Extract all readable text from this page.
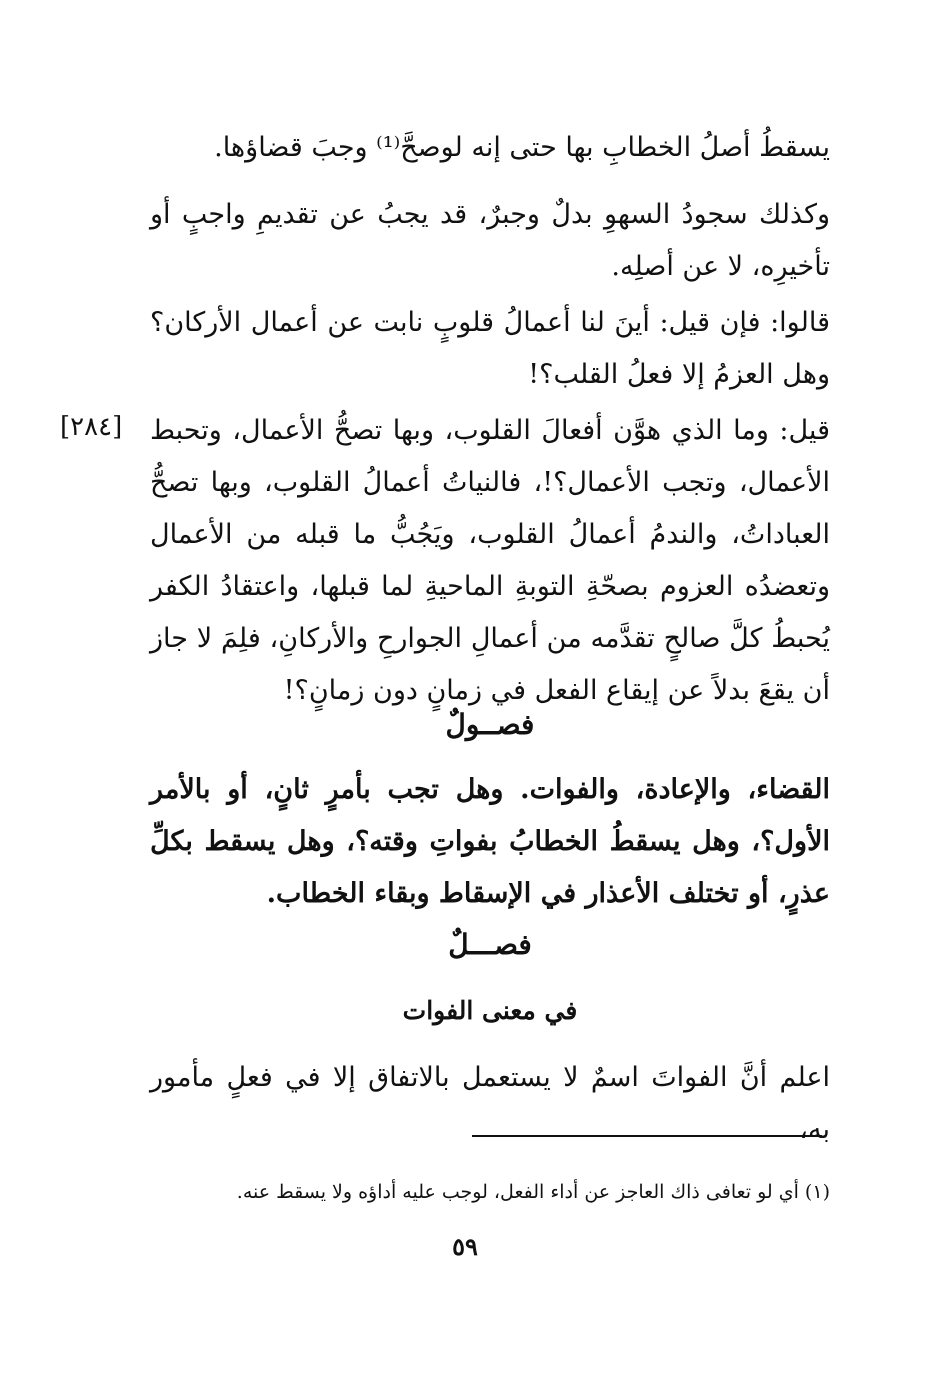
يسقطُ أصلُ الخطابِ بها حتى إنه لوصحَّ⁽¹⁾ وجبَ قضاؤها.

وكذلك سجودُ السهوِ بدلٌ وجبرٌ، قد يجبُ عن تقديمِ واجبٍ أو تأخيرِه، لا عن أصلِه.

قالوا: فإن قيل: أينَ لنا أعمالُ قلوبٍ نابت عن أعمال الأركان؟ وهل العزمُ إلا فعلُ القلب؟!

[٢٨٤] قيل: وما الذي هوَّن أفعالَ القلوب، وبها تصحُّ الأعمال، وتحبط الأعمال، وتجب الأعمال؟!، فالنياتُ أعمالُ القلوب، وبها تصحُّ العباداتُ، والندمُ أعمالُ القلوب، ويَجُبُّ ما قبله من الأعمال وتعضدُه العزوم بصحّةِ التوبةِ الماحيةِ لما قبلها، واعتقادُ الكفر يُحبطُ كلَّ صالحٍ تقدَّمه من أعمالِ الجوارحِ والأركانِ، فلِمَ لا جاز أن يقعَ بدلاً عن إيقاع الفعل في زمانٍ دون زمانٍ؟!

فصــولٌ

القضاء، والإعادة، والفوات. وهل تجب بأمرٍ ثانٍ، أو بالأمر الأول؟، وهل يسقطُ الخطابُ بفواتِ وقته؟، وهل يسقط بكلِّ عذرٍ، أو تختلف الأعذار في الإسقاط وبقاء الخطاب.

فصـــلٌ
في معنى الفوات

اعلم أنَّ الفواتَ اسمٌ لا يستعمل بالاتفاق إلا في فعلٍ مأمور به،

(١) أي لو تعافى ذاك العاجز عن أداء الفعل، لوجب عليه أداؤه ولا يسقط عنه.

٥٩
